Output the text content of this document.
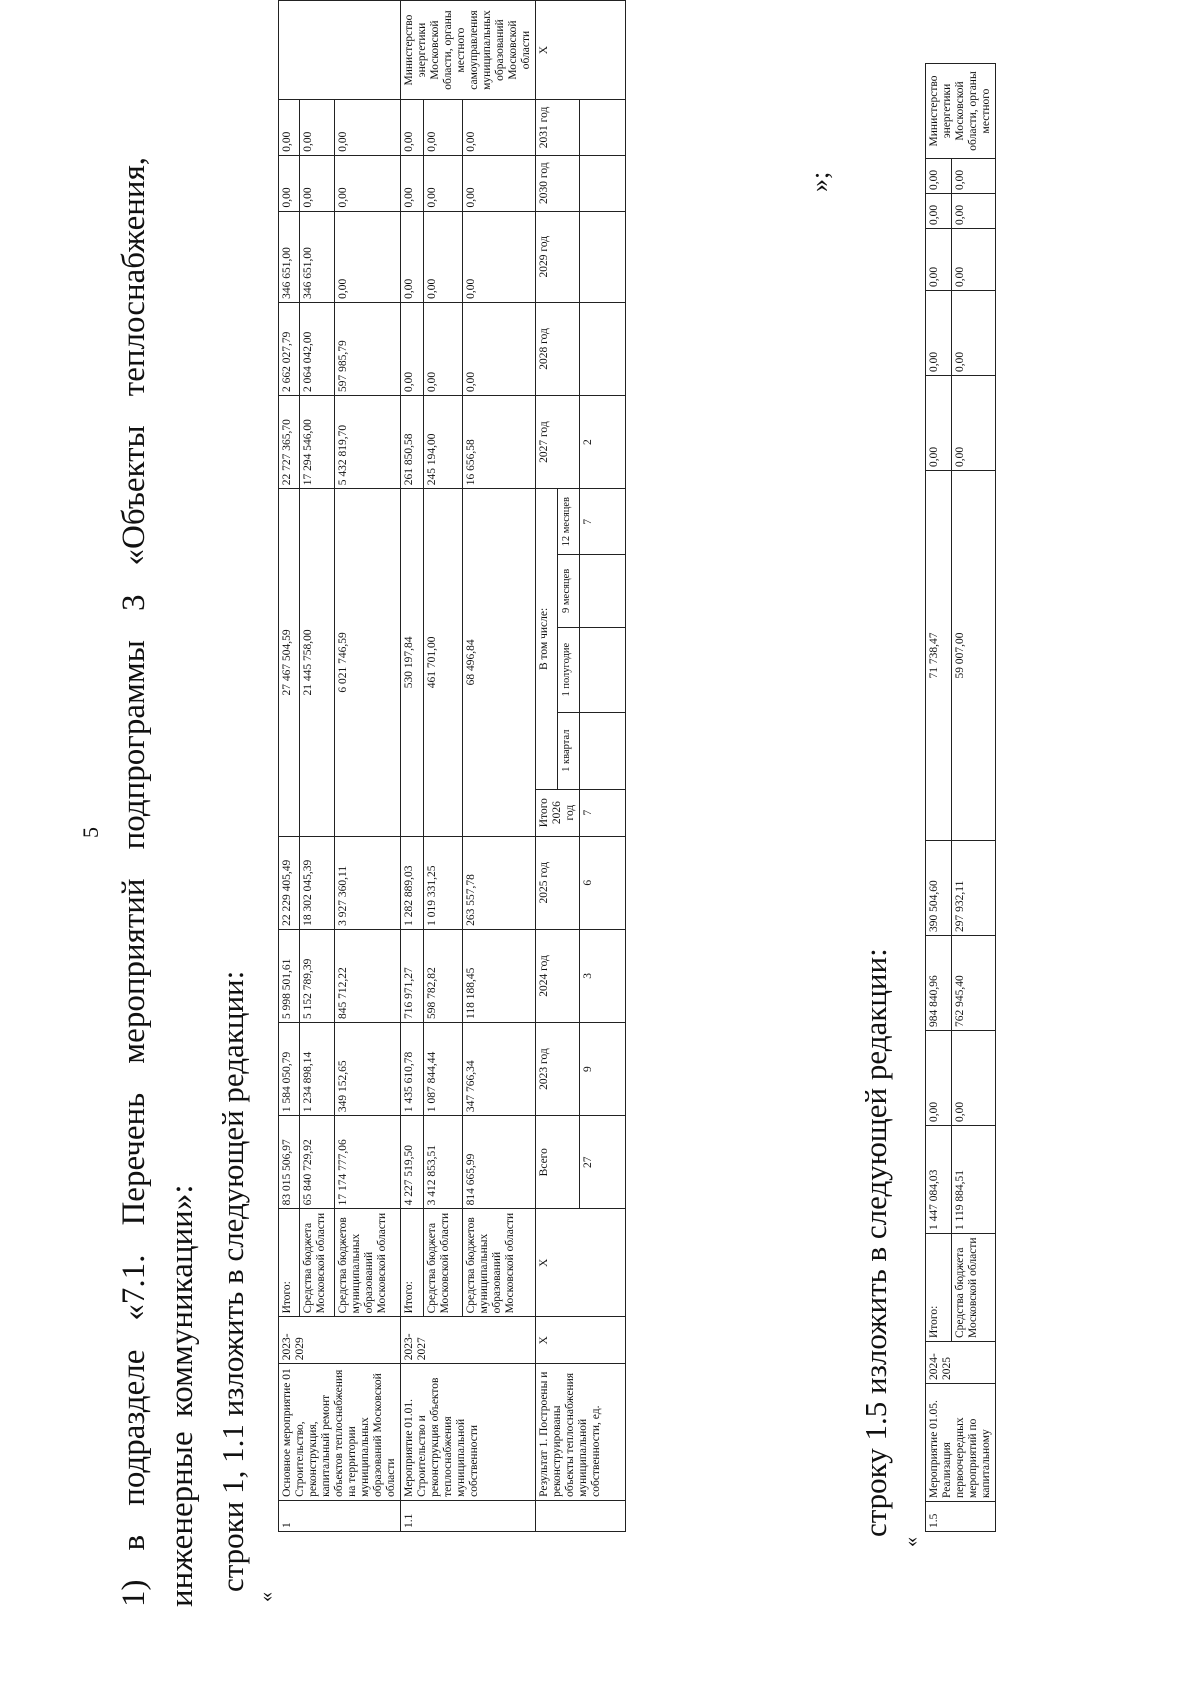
5 1) в подразделе «7.1. Перечень мероприятий подпрограммы 3 «Объекты теплоснабжения, инженерные коммуникации»: строки 1, 1.1 изложить в следующей редакции:
«
1	Основное мероприятие 01 Строительство, реконструкция, капитальный ремонт объектов теплоснабжения на территории муниципальных образований Московской области	2023-2029	Итого:	83 015 506,97	1 584 050,79	5 998 501,61	22 229 405,49	27 467 504,59					22 727 365,70	2 662 027,79	346 651,00	0,00	0,00	
			Средства бюджета Московской области	65 840 729,92	1 234 898,14	5 152 789,39	18 302 045,39	21 445 758,00					17 294 546,00	2 064 042,00	346 651,00	0,00	0,00	
			Средства бюджетов муниципальных образований Московской области	17 174 777,06	349 152,65	845 712,22	3 927 360,11	6 021 746,59					5 432 819,70	597 985,79	0,00	0,00	0,00	
1.1	Мероприятие 01.01. Строительство и реконструкция объектов теплоснабжения муниципальной собственности	2023-2027	Итого:	4 227 519,50	1 435 610,78	716 971,27	1 282 889,03	530 197,84					261 850,58	0,00	0,00	0,00	0,00	Министерство энергетики Московской области, органы местного самоуправления муниципальных образований Московской области
			Средства бюджета Московской области	3 412 853,51	1 087 844,44	598 782,82	1 019 331,25	461 701,00					245 194,00	0,00	0,00	0,00	0,00	
			Средства бюджетов муниципальных образований Московской области	814 665,99	347 766,34	118 188,45	263 557,78	68 496,84					16 656,58	0,00	0,00	0,00	0,00	
	Результат 1. Построены и реконструированы объекты теплоснабжения муниципальной собственности, ед.	Х	Х	Всего	2023 год	2024 год	2025 год	Итого 2026 год	В том числе:				2027 год	2028 год	2029 год	2030 год	2031 год	Х
									1 квартал	1 полугодие	9 месяцев	12 месяцев						
				27	9	3	6	7				7	2					
»;
строку 1.5 изложить в следующей редакции:
«
1.5	Мероприятие 01.05. Реализация первоочередных мероприятий по капитальному	2024-2025	Итого:	1 447 084,03	0,00	984 840,96	390 504,60	71 738,47	0,00	0,00	0,00	0,00	0,00	Министерство энергетики Московской области, органы местного
			Средства бюджета Московской области	1 119 884,51	0,00	762 945,40	297 932,11	59 007,00	0,00	0,00	0,00	0,00	0,00	
